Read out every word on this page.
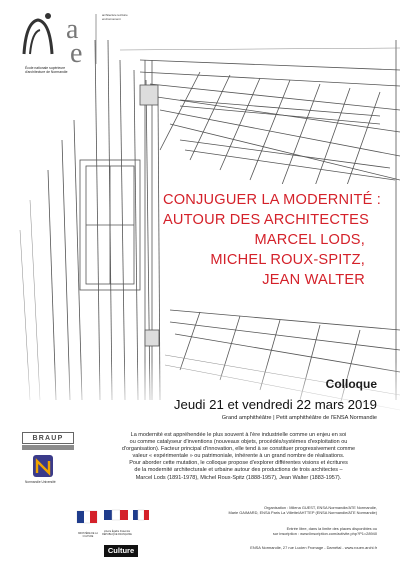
École nationale supérieure d'architecture de Normandie
a
e
architecture territoire environnement
CONJUGUER LA MODERNITÉ :
AUTOUR DES ARCHITECTES
MARCEL LODS,
MICHEL ROUX-SPITZ,
JEAN WALTER
Colloque
Jeudi 21 et vendredi 22 mars 2019
Grand amphithéâtre | Petit amphithéâtre de l'ENSA Normandie
La modernité est appréhendée le plus souvent à l'ère industrielle comme un enjeu en soi
ou comme catalyseur d'inventions (nouveaux objets, procédés/systèmes d'exploitation ou
d'organisation). Facteur principal d'innovation, elle tend à se constituer progressivement comme
valeur « expérimentale » ou patrimoniale, inhérente à un grand nombre de réalisations.
Pour aborder cette mutation, le colloque propose d'explorer différentes visions et écritures
de la modernité architecturale et urbaine autour des productions de trois architectes –
Marcel Lods (1891-1978), Michel Roux-Spitz (1888-1957), Jean Walter (1883-1957).
Organisation : Milena GUEST, ENSA Normandie/ATE Normandie,
Marie GAIMARD, ENSA Paris La Villette/AHTTEP (ENSA Normandie/ATE Normandie)
Entrée libre, dans la limite des places disponibles ou
sur inscription : www.linscription.com/activite.php?P1=28940
ENSA Normandie, 27 rue Lucien Fromage - Darnétal - www.rouen.archi.fr
BRAUP
Normandie Université
MINISTÈRE DE LA CULTURE
Liberté Égalité Fraternité RÉPUBLIQUE FRANÇAISE
Culture
